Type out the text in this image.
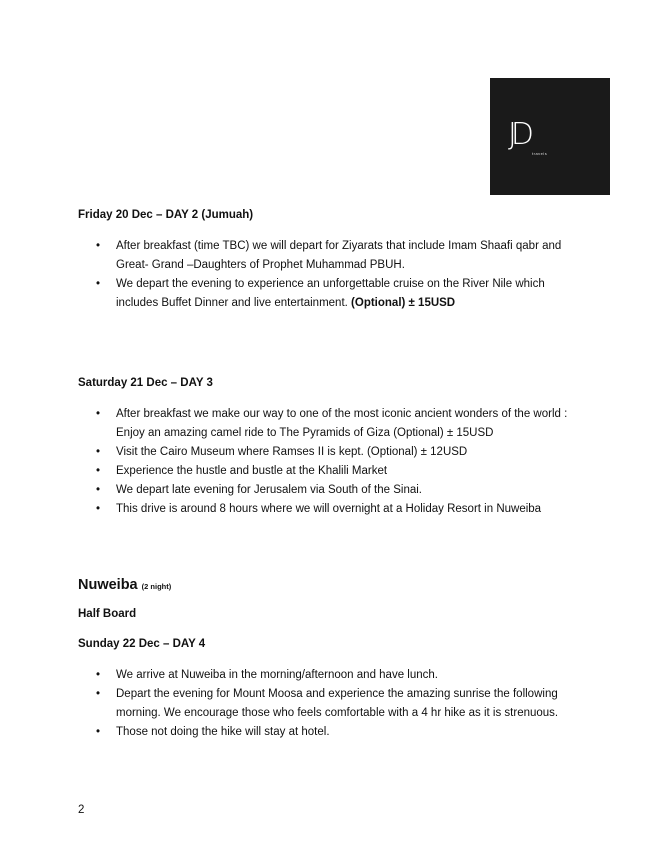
JD
travels
Friday 20 Dec – DAY 2 (Jumuah)
• After breakfast (time TBC) we will depart for Ziyarats that include Imam Shaafi qabr and Great- Grand –Daughters of Prophet Muhammad PBUH.
• We depart the evening to experience an unforgettable cruise on the River Nile which includes Buffet Dinner and live entertainment. (Optional) ± 15USD
Saturday 21 Dec – DAY 3
• After breakfast we make our way to one of the most iconic ancient wonders of the world : Enjoy an amazing camel ride to The Pyramids of Giza (Optional) ± 15USD
• Visit the Cairo Museum where Ramses II is kept. (Optional) ± 12USD
• Experience the hustle and bustle at the Khalili Market
• We depart late evening for Jerusalem via South of the Sinai.
• This drive is around 8 hours where we will overnight at a Holiday Resort in Nuweiba
Nuweiba (2 night)
Half Board
Sunday 22 Dec – DAY 4
• We arrive at Nuweiba in the morning/afternoon and have lunch.
• Depart the evening for Mount Moosa and experience the amazing sunrise the following morning. We encourage those who feels comfortable with a 4 hr hike as it is strenuous.
• Those not doing the hike will stay at hotel.
2
